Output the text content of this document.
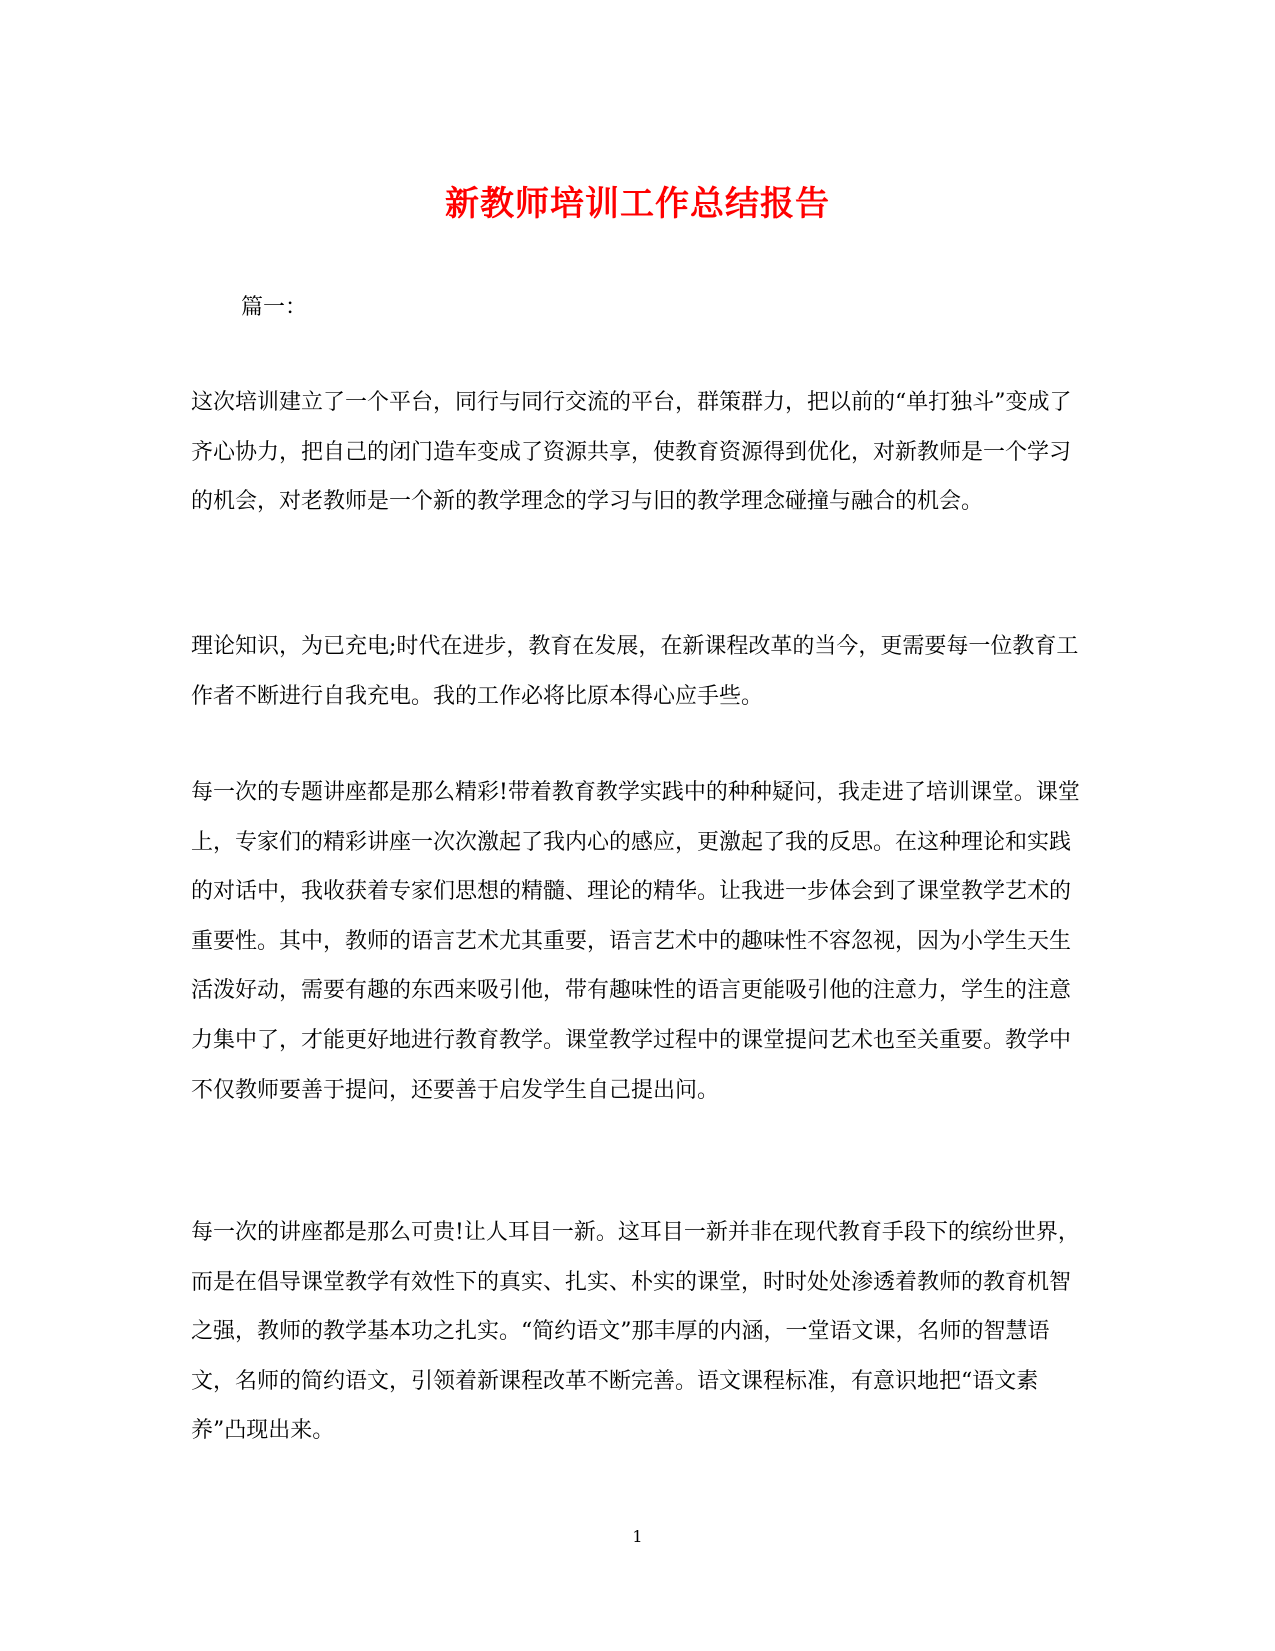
新教师培训工作总结报告

篇一：

这次培训建立了一个平台，同行与同行交流的平台，群策群力，把以前的“单打独斗”变成了齐心协力，把自己的闭门造车变成了资源共享，使教育资源得到优化，对新教师是一个学习的机会，对老教师是一个新的教学理念的学习与旧的教学理念碰撞与融合的机会。

理论知识，为已充电;时代在进步，教育在发展，在新课程改革的当今，更需要每一位教育工作者不断进行自我充电。我的工作必将比原本得心应手些。

每一次的专题讲座都是那么精彩!带着教育教学实践中的种种疑问，我走进了培训课堂。课堂上，专家们的精彩讲座一次次激起了我内心的感应，更激起了我的反思。在这种理论和实践的对话中，我收获着专家们思想的精髓、理论的精华。让我进一步体会到了课堂教学艺术的重要性。其中，教师的语言艺术尤其重要，语言艺术中的趣味性不容忽视，因为小学生天生活泼好动，需要有趣的东西来吸引他，带有趣味性的语言更能吸引他的注意力，学生的注意力集中了，才能更好地进行教育教学。课堂教学过程中的课堂提问艺术也至关重要。教学中不仅教师要善于提问，还要善于启发学生自己提出问。

每一次的讲座都是那么可贵!让人耳目一新。这耳目一新并非在现代教育手段下的缤纷世界，而是在倡导课堂教学有效性下的真实、扎实、朴实的课堂，时时处处渗透着教师的教育机智之强，教师的教学基本功之扎实。“简约语文”那丰厚的内涵，一堂语文课，名师的智慧语文，名师的简约语文，引领着新课程改革不断完善。语文课程标准，有意识地把“语文素养”凸现出来。

1
